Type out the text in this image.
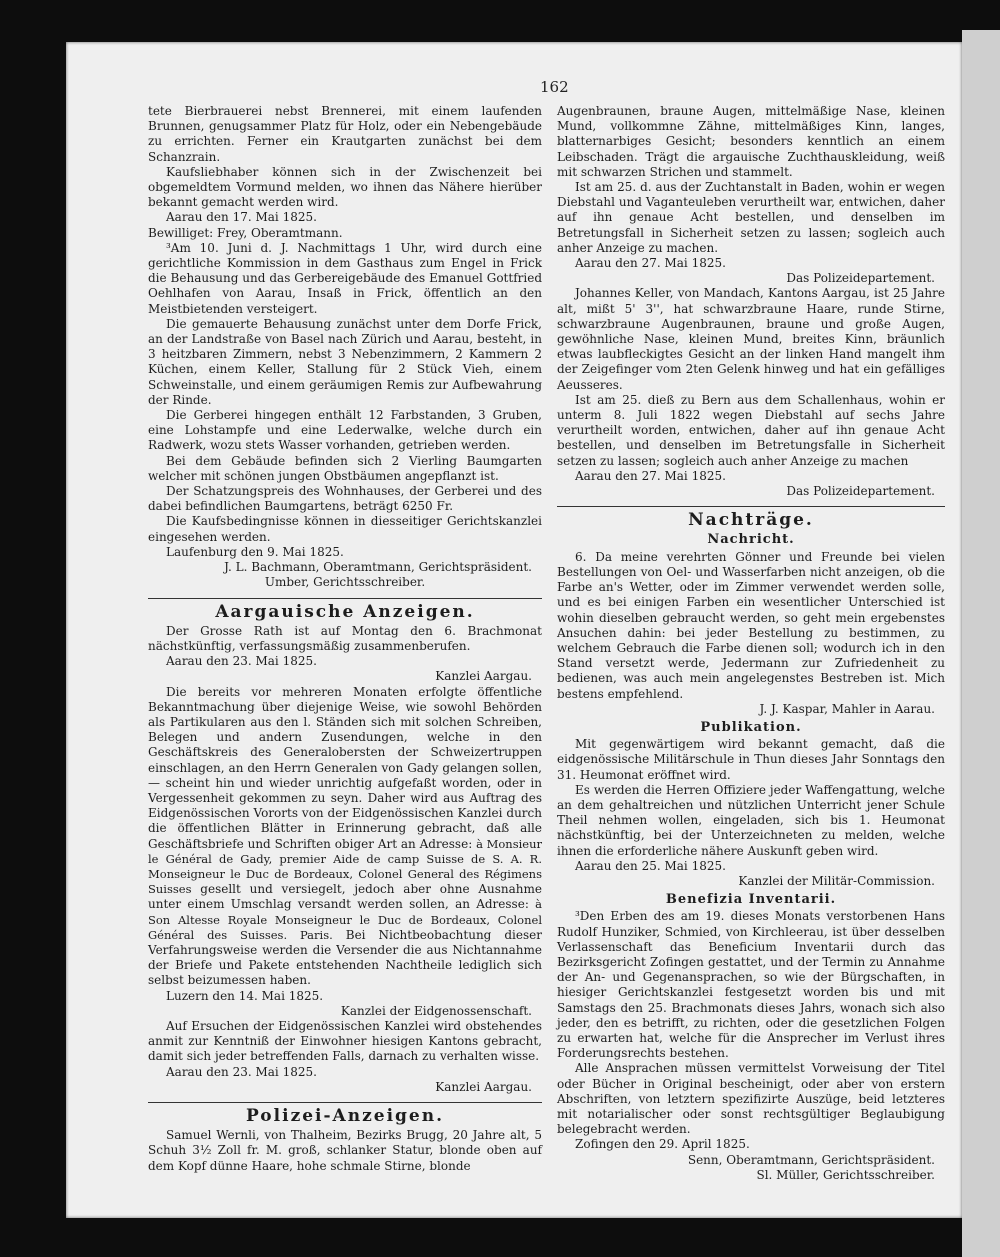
162

tete Bierbrauerei nebst Brennerei, mit einem laufenden Brunnen, genugsammer Platz für Holz, oder ein Nebengebäude zu errichten. Ferner ein Krautgarten zunächst bei dem Schanzrain.

Kaufsliebhaber können sich in der Zwischenzeit bei obgemeldtem Vormund melden, wo ihnen das Nähere hierüber bekannt gemacht werden wird.

Aarau den 17. Mai 1825.

Bewilliget: Frey, Oberamtmann.

³Am 10. Juni d. J. Nachmittags 1 Uhr, wird durch eine gerichtliche Kommission in dem Gasthaus zum Engel in Frick die Behausung und das Gerbereigebäude des Emanuel Gottfried Oehlhafen von Aarau, Insaß in Frick, öffentlich an den Meistbietenden versteigert.

Die gemauerte Behausung zunächst unter dem Dorfe Frick, an der Landstraße von Basel nach Zürich und Aarau, besteht, in 3 heitzbaren Zimmern, nebst 3 Nebenzimmern, 2 Kammern 2 Küchen, einem Keller, Stallung für 2 Stück Vieh, einem Schweinstalle, und einem geräumigen Remis zur Aufbewahrung der Rinde.

Die Gerberei hingegen enthält 12 Farbstanden, 3 Gruben, eine Lohstampfe und eine Lederwalke, welche durch ein Radwerk, wozu stets Wasser vorhanden, getrieben werden.

Bei dem Gebäude befinden sich 2 Vierling Baumgarten welcher mit schönen jungen Obstbäumen angepflanzt ist.

Der Schatzungspreis des Wohnhauses, der Gerberei und des dabei befindlichen Baumgartens, beträgt 6250 Fr.

Die Kaufsbedingnisse können in diesseitiger Gerichtskanzlei eingesehen werden.

Laufenburg den 9. Mai 1825.

J. L. Bachmann, Oberamtmann, Gerichtspräsident.

Umber, Gerichtsschreiber.

Aargauische Anzeigen.

Der Grosse Rath ist auf Montag den 6. Brachmonat nächstkünftig, verfassungsmäßig zusammenberufen.

Aarau den 23. Mai 1825.

Kanzlei Aargau.

Die bereits vor mehreren Monaten erfolgte öffentliche Bekanntmachung über diejenige Weise, wie sowohl Behörden als Partikularen aus den l. Ständen sich mit solchen Schreiben, Belegen und andern Zusendungen, welche in den Geschäftskreis des Generalobersten der Schweizertruppen einschlagen, an den Herrn Generalen von Gady gelangen sollen, — scheint hin und wieder unrichtig aufgefaßt worden, oder in Vergessenheit gekommen zu seyn. Daher wird aus Auftrag des Eidgenössischen Vororts von der Eidgenössischen Kanzlei durch die öffentlichen Blätter in Erinnerung gebracht, daß alle Geschäftsbriefe und Schriften obiger Art an Adresse: à Monsieur le Général de Gady, premier Aide de camp Suisse de S. A. R. Monseigneur le Duc de Bordeaux, Colonel General des Régimens Suisses gesellt und versiegelt, jedoch aber ohne Ausnahme unter einem Umschlag versandt werden sollen, an Adresse: à Son Altesse Royale Monseigneur le Duc de Bordeaux, Colonel Général des Suisses. Paris. Bei Nichtbeobachtung dieser Verfahrungsweise werden die Versender die aus Nichtannahme der Briefe und Pakete entstehenden Nachtheile lediglich sich selbst beizumessen haben.

Luzern den 14. Mai 1825.

Kanzlei der Eidgenossenschaft.

Auf Ersuchen der Eidgenössischen Kanzlei wird obstehendes anmit zur Kenntniß der Einwohner hiesigen Kantons gebracht, damit sich jeder betreffenden Falls, darnach zu verhalten wisse.

Aarau den 23. Mai 1825.

Kanzlei Aargau.

Polizei-Anzeigen.

Samuel Wernli, von Thalheim, Bezirks Brugg, 20 Jahre alt, 5 Schuh 3½ Zoll fr. M. groß, schlanker Statur, blonde oben auf dem Kopf dünne Haare, hohe schmale Stirne, blonde

Augenbraunen, braune Augen, mittelmäßige Nase, kleinen Mund, vollkommne Zähne, mittelmäßiges Kinn, langes, blatternarbiges Gesicht; besonders kenntlich an einem Leibschaden. Trägt die argauische Zuchthauskleidung, weiß mit schwarzen Strichen und stammelt.

Ist am 25. d. aus der Zuchtanstalt in Baden, wohin er wegen Diebstahl und Vaganteuleben verurtheilt war, entwichen, daher auf ihn genaue Acht bestellen, und denselben im Betretungsfall in Sicherheit setzen zu lassen; sogleich auch anher Anzeige zu machen.

Aarau den 27. Mai 1825.

Das Polizeidepartement.

Johannes Keller, von Mandach, Kantons Aargau, ist 25 Jahre alt, mißt 5' 3'', hat schwarzbraune Haare, runde Stirne, schwarzbraune Augenbraunen, braune und große Augen, gewöhnliche Nase, kleinen Mund, breites Kinn, bräunlich etwas laubfleckigtes Gesicht an der linken Hand mangelt ihm der Zeigefinger vom 2ten Gelenk hinweg und hat ein gefälliges Aeusseres.

Ist am 25. dieß zu Bern aus dem Schallenhaus, wohin er unterm 8. Juli 1822 wegen Diebstahl auf sechs Jahre verurtheilt worden, entwichen, daher auf ihn genaue Acht bestellen, und denselben im Betretungsfalle in Sicherheit setzen zu lassen; sogleich auch anher Anzeige zu machen

Aarau den 27. Mai 1825.

Das Polizeidepartement.

Nachträge.
Nachricht.

6. Da meine verehrten Gönner und Freunde bei vielen Bestellungen von Oel- und Wasserfarben nicht anzeigen, ob die Farbe an's Wetter, oder im Zimmer verwendet werden solle, und es bei einigen Farben ein wesentlicher Unterschied ist wohin dieselben gebraucht werden, so geht mein ergebenstes Ansuchen dahin: bei jeder Bestellung zu bestimmen, zu welchem Gebrauch die Farbe dienen soll; wodurch ich in den Stand versetzt werde, Jedermann zur Zufriedenheit zu bedienen, was auch mein angelegenstes Bestreben ist. Mich bestens empfehlend.

J. J. Kaspar, Mahler in Aarau.

Publikation.

Mit gegenwärtigem wird bekannt gemacht, daß die eidgenössische Militärschule in Thun dieses Jahr Sonntags den 31. Heumonat eröffnet wird.

Es werden die Herren Offiziere jeder Waffengattung, welche an dem gehaltreichen und nützlichen Unterricht jener Schule Theil nehmen wollen, eingeladen, sich bis 1. Heumonat nächstkünftig, bei der Unterzeichneten zu melden, welche ihnen die erforderliche nähere Auskunft geben wird.

Aarau den 25. Mai 1825.

Kanzlei der Militär-Commission.

Benefizia Inventarii.

³Den Erben des am 19. dieses Monats verstorbenen Hans Rudolf Hunziker, Schmied, von Kirchleerau, ist über desselben Verlassenschaft das Beneficium Inventarii durch das Bezirksgericht Zofingen gestattet, und der Termin zu Annahme der An- und Gegenansprachen, so wie der Bürgschaften, in hiesiger Gerichtskanzlei festgesetzt worden bis und mit Samstags den 25. Brachmonats dieses Jahrs, wonach sich also jeder, den es betrifft, zu richten, oder die gesetzlichen Folgen zu erwarten hat, welche für die Ansprecher im Verlust ihres Forderungsrechts bestehen.

Alle Ansprachen müssen vermittelst Vorweisung der Titel oder Bücher in Original bescheinigt, oder aber von erstern Abschriften, von letztern spezifizirte Auszüge, beid letzteres mit notarialischer oder sonst rechtsgültiger Beglaubigung belegebracht werden.

Zofingen den 29. April 1825.

Senn, Oberamtmann, Gerichtspräsident.

Sl. Müller, Gerichtsschreiber.
